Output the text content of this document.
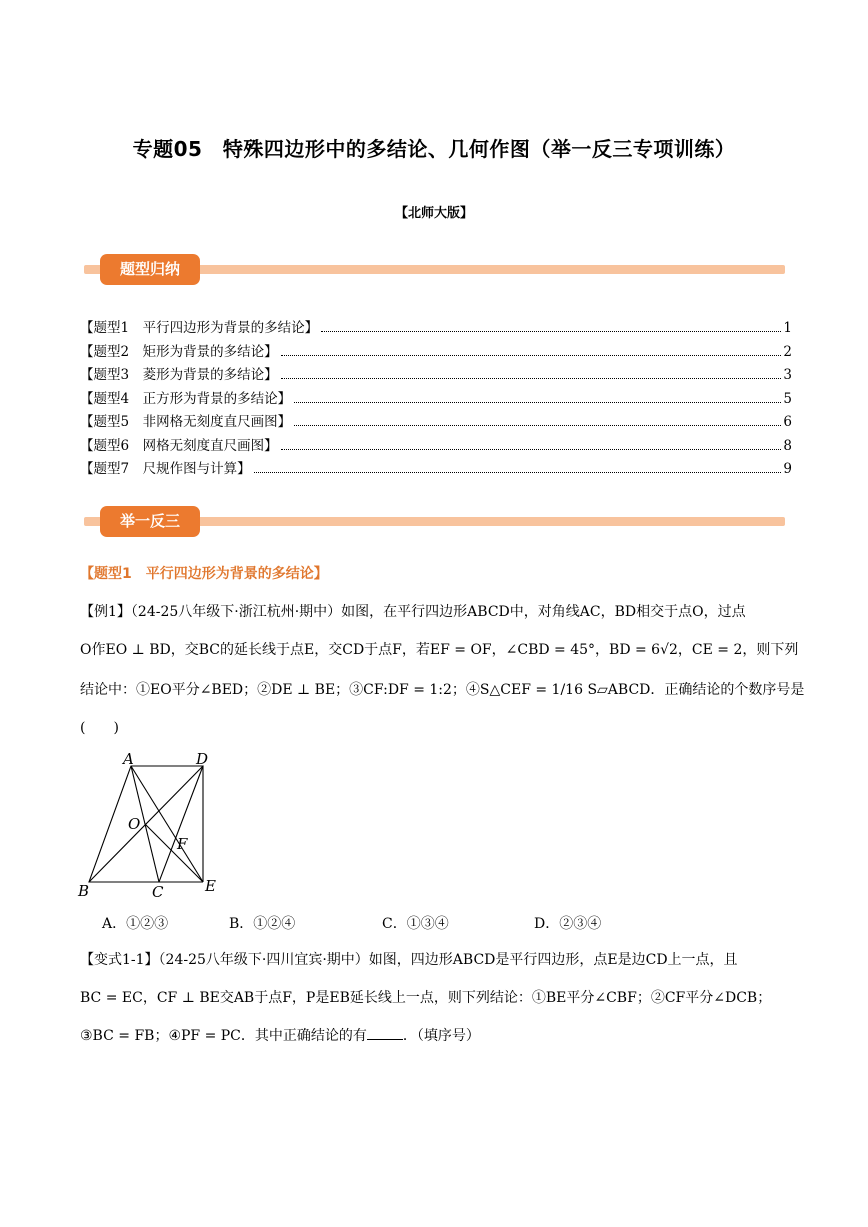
专题05　特殊四边形中的多结论、几何作图（举一反三专项训练）
【北师大版】
题型归纳
【题型1　平行四边形为背景的多结论】	1
【题型2　矩形为背景的多结论】	2
【题型3　菱形为背景的多结论】	3
【题型4　正方形为背景的多结论】	5
【题型5　非网格无刻度直尺画图】	6
【题型6　网格无刻度直尺画图】	8
【题型7　尺规作图与计算】	9
举一反三
【题型1　平行四边形为背景的多结论】

【例1】（24-25八年级下·浙江杭州·期中）如图，在平行四边形ABCD中，对角线AC，BD相交于点O，过点

O作EO ⊥ BD，交BC的延长线于点E，交CD于点F，若EF = OF，∠CBD = 45°，BD = 6√2，CE = 2，则下列

结论中：①EO平分∠BED；②DE ⊥ BE；③CF:DF = 1:2；④S△CEF = 1/16 S▱ABCD．正确结论的个数序号是

(　　)

A	D
O
F
B	C	E
A．①②③	B．①②④	C．①③④	D．②③④

【变式1-1】（24-25八年级下·四川宜宾·期中）如图，四边形ABCD是平行四边形，点E是边CD上一点，且

BC = EC，CF ⊥ BE交AB于点F，P是EB延长线上一点，则下列结论：①BE平分∠CBF；②CF平分∠DCB；

③BC = FB；④PF = PC．其中正确结论的有	．（填序号）
